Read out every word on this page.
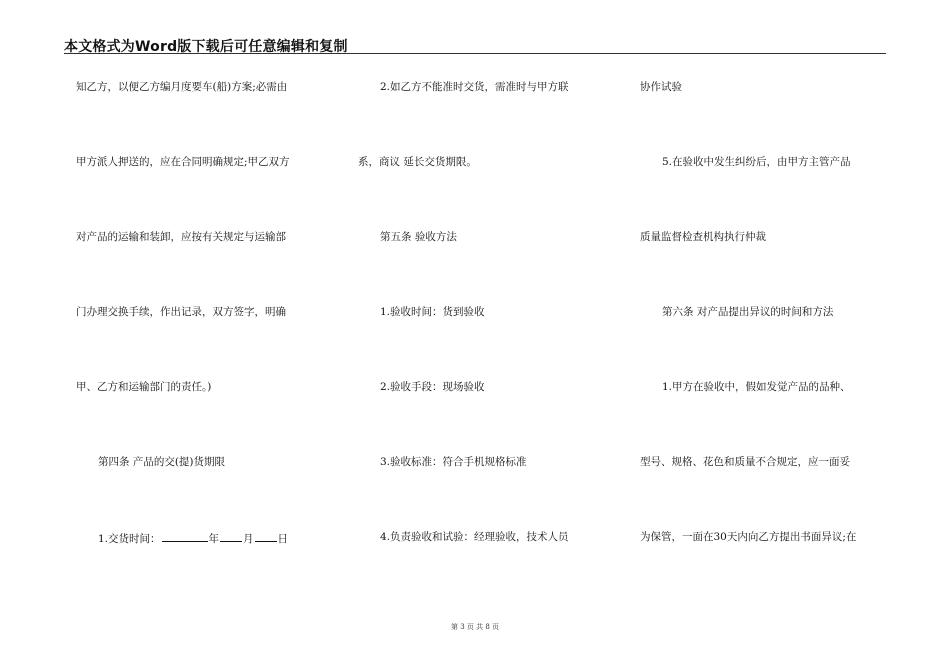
本文格式为Word版下载后可任意编辑和复制
知乙方，以便乙方编月度要车(船)方案;必需由
甲方派人押送的，应在合同明确规定;甲乙双方
对产品的运输和装卸，应按有关规定与运输部
门办理交换手续，作出记录，双方签字，明确
甲、乙方和运输部门的责任。)
第四条 产品的交(提)货期限
1.交货时间：	年 月 日
2.如乙方不能准时交货，需准时与甲方联
系，商议 延长交货期限。
第五条 验收方法
1.验收时间：货到验收
2.验收手段：现场验收
3.验收标准：符合手机规格标准
4.负责验收和试验：经理验收，技术人员
协作试验
5.在验收中发生纠纷后，由甲方主管产品
质量监督检查机构执行仲裁
第六条 对产品提出异议的时间和方法
1.甲方在验收中，假如发觉产品的品种、
型号、规格、花色和质量不合规定，应一面妥
为保管，一面在30天内向乙方提出书面异议;在
第 3 页 共 8 页
